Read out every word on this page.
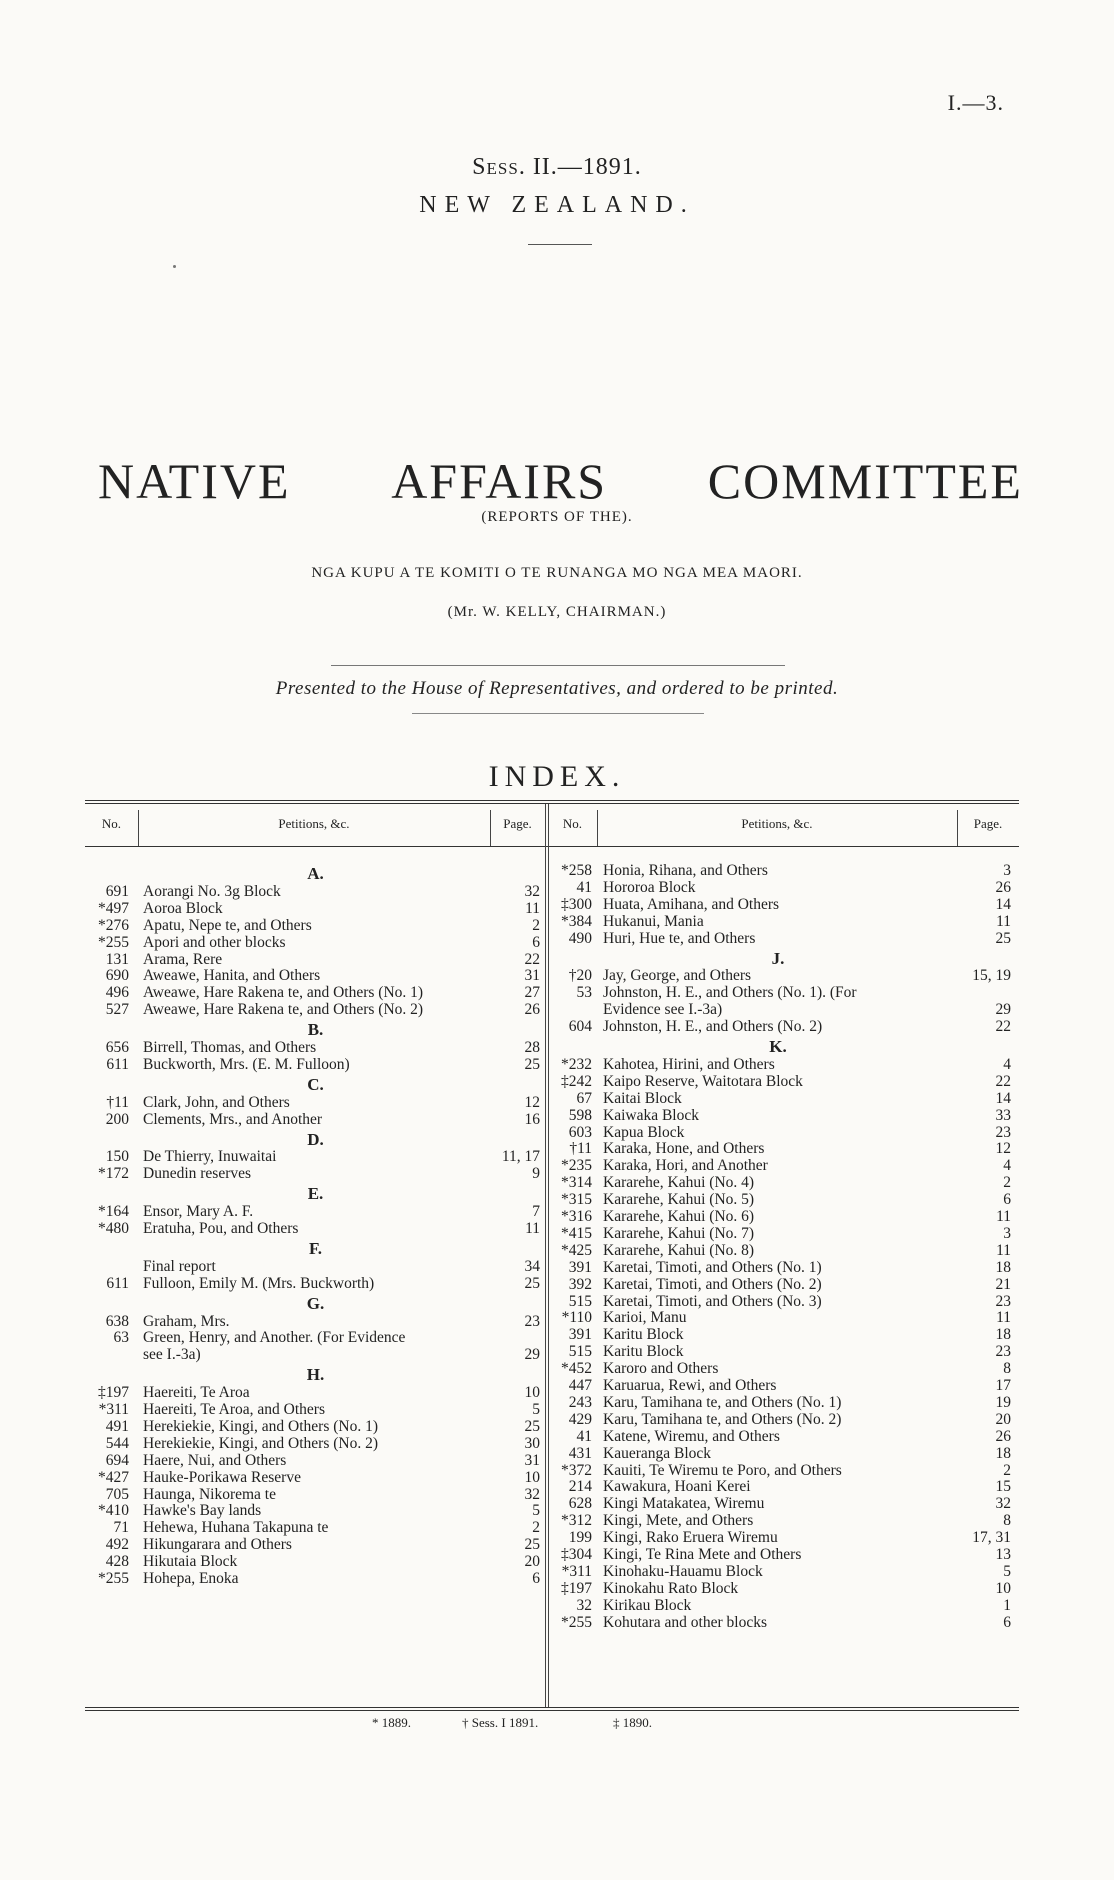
I.—3.
Sess. II.—1891.
NEW ZEALAND.
NATIVE AFFAIRS COMMITTEE
(REPORTS OF THE).
NGA KUPU A TE KOMITI O TE RUNANGA MO NGA MEA MAORI.
(Mr. W. KELLY, CHAIRMAN.)
Presented to the House of Representatives, and ordered to be printed.
INDEX.
No.	Petitions, &c.	Page.	No.	Petitions, &c.	Page.
A.
691 Aorangi No. 3g Block	32
*497 Aoroa Block	11
*276 Apatu, Nepe te, and Others	2
*255 Apori and other blocks	6
131 Arama, Rere	22
690 Aweawe, Hanita, and Others	31
496 Aweawe, Hare Rakena te, and Others (No. 1)	27
527 Aweawe, Hare Rakena te, and Others (No. 2)	26
B.
656 Birrell, Thomas, and Others	28
611 Buckworth, Mrs. (E. M. Fulloon)	25
C.
†11 Clark, John, and Others	12
200 Clements, Mrs., and Another	16
D.
150 De Thierry, Inuwaitai	11, 17
*172 Dunedin reserves	9
E.
*164 Ensor, Mary A. F.	7
*480 Eratuha, Pou, and Others	11
F.
Final report	34
611 Fulloon, Emily M. (Mrs. Buckworth)	25
G.
638 Graham, Mrs.	23
63 Green, Henry, and Another. (For Evidence
see I.-3a)	29
H.
‡197 Haereiti, Te Aroa	10
*311 Haereiti, Te Aroa, and Others	5
491 Herekiekie, Kingi, and Others (No. 1)	25
544 Herekiekie, Kingi, and Others (No. 2)	30
694 Haere, Nui, and Others	31
*427 Hauke-Porikawa Reserve	10
705 Haunga, Nikorema te	32
*410 Hawke's Bay lands	5
71 Hehewa, Huhana Takapuna te	2
492 Hikungarara and Others	25
428 Hikutaia Block	20
*255 Hohepa, Enoka	6
*258 Honia, Rihana, and Others	3
41 Hororoa Block	26
‡300 Huata, Amihana, and Others	14
*384 Hukanui, Mania	11
490 Huri, Hue te, and Others	25
J.
†20 Jay, George, and Others	15, 19
53 Johnston, H. E., and Others (No. 1). (For
Evidence see I.-3a)	29
604 Johnston, H. E., and Others (No. 2)	22
K.
*232 Kahotea, Hirini, and Others	4
‡242 Kaipo Reserve, Waitotara Block	22
67 Kaitai Block	14
598 Kaiwaka Block	33
603 Kapua Block	23
†11 Karaka, Hone, and Others	12
*235 Karaka, Hori, and Another	4
*314 Kararehe, Kahui (No. 4)	2
*315 Kararehe, Kahui (No. 5)	6
*316 Kararehe, Kahui (No. 6)	11
*415 Kararehe, Kahui (No. 7)	3
*425 Kararehe, Kahui (No. 8)	11
391 Karetai, Timoti, and Others (No. 1)	18
392 Karetai, Timoti, and Others (No. 2)	21
515 Karetai, Timoti, and Others (No. 3)	23
*110 Karioi, Manu	11
391 Karitu Block	18
515 Karitu Block	23
*452 Karoro and Others	8
447 Karuarua, Rewi, and Others	17
243 Karu, Tamihana te, and Others (No. 1)	19
429 Karu, Tamihana te, and Others (No. 2)	20
41 Katene, Wiremu, and Others	26
431 Kaueranga Block	18
*372 Kauiti, Te Wiremu te Poro, and Others	2
214 Kawakura, Hoani Kerei	15
628 Kingi Matakatea, Wiremu	32
*312 Kingi, Mete, and Others	8
199 Kingi, Rako Eruera Wiremu	17, 31
‡304 Kingi, Te Rina Mete and Others	13
*311 Kinohaku-Hauamu Block	5
‡197 Kinokahu Rato Block	10
32 Kirikau Block	1
*255 Kohutara and other blocks	6
* 1889.	† Sess. I 1891.	‡ 1890.
